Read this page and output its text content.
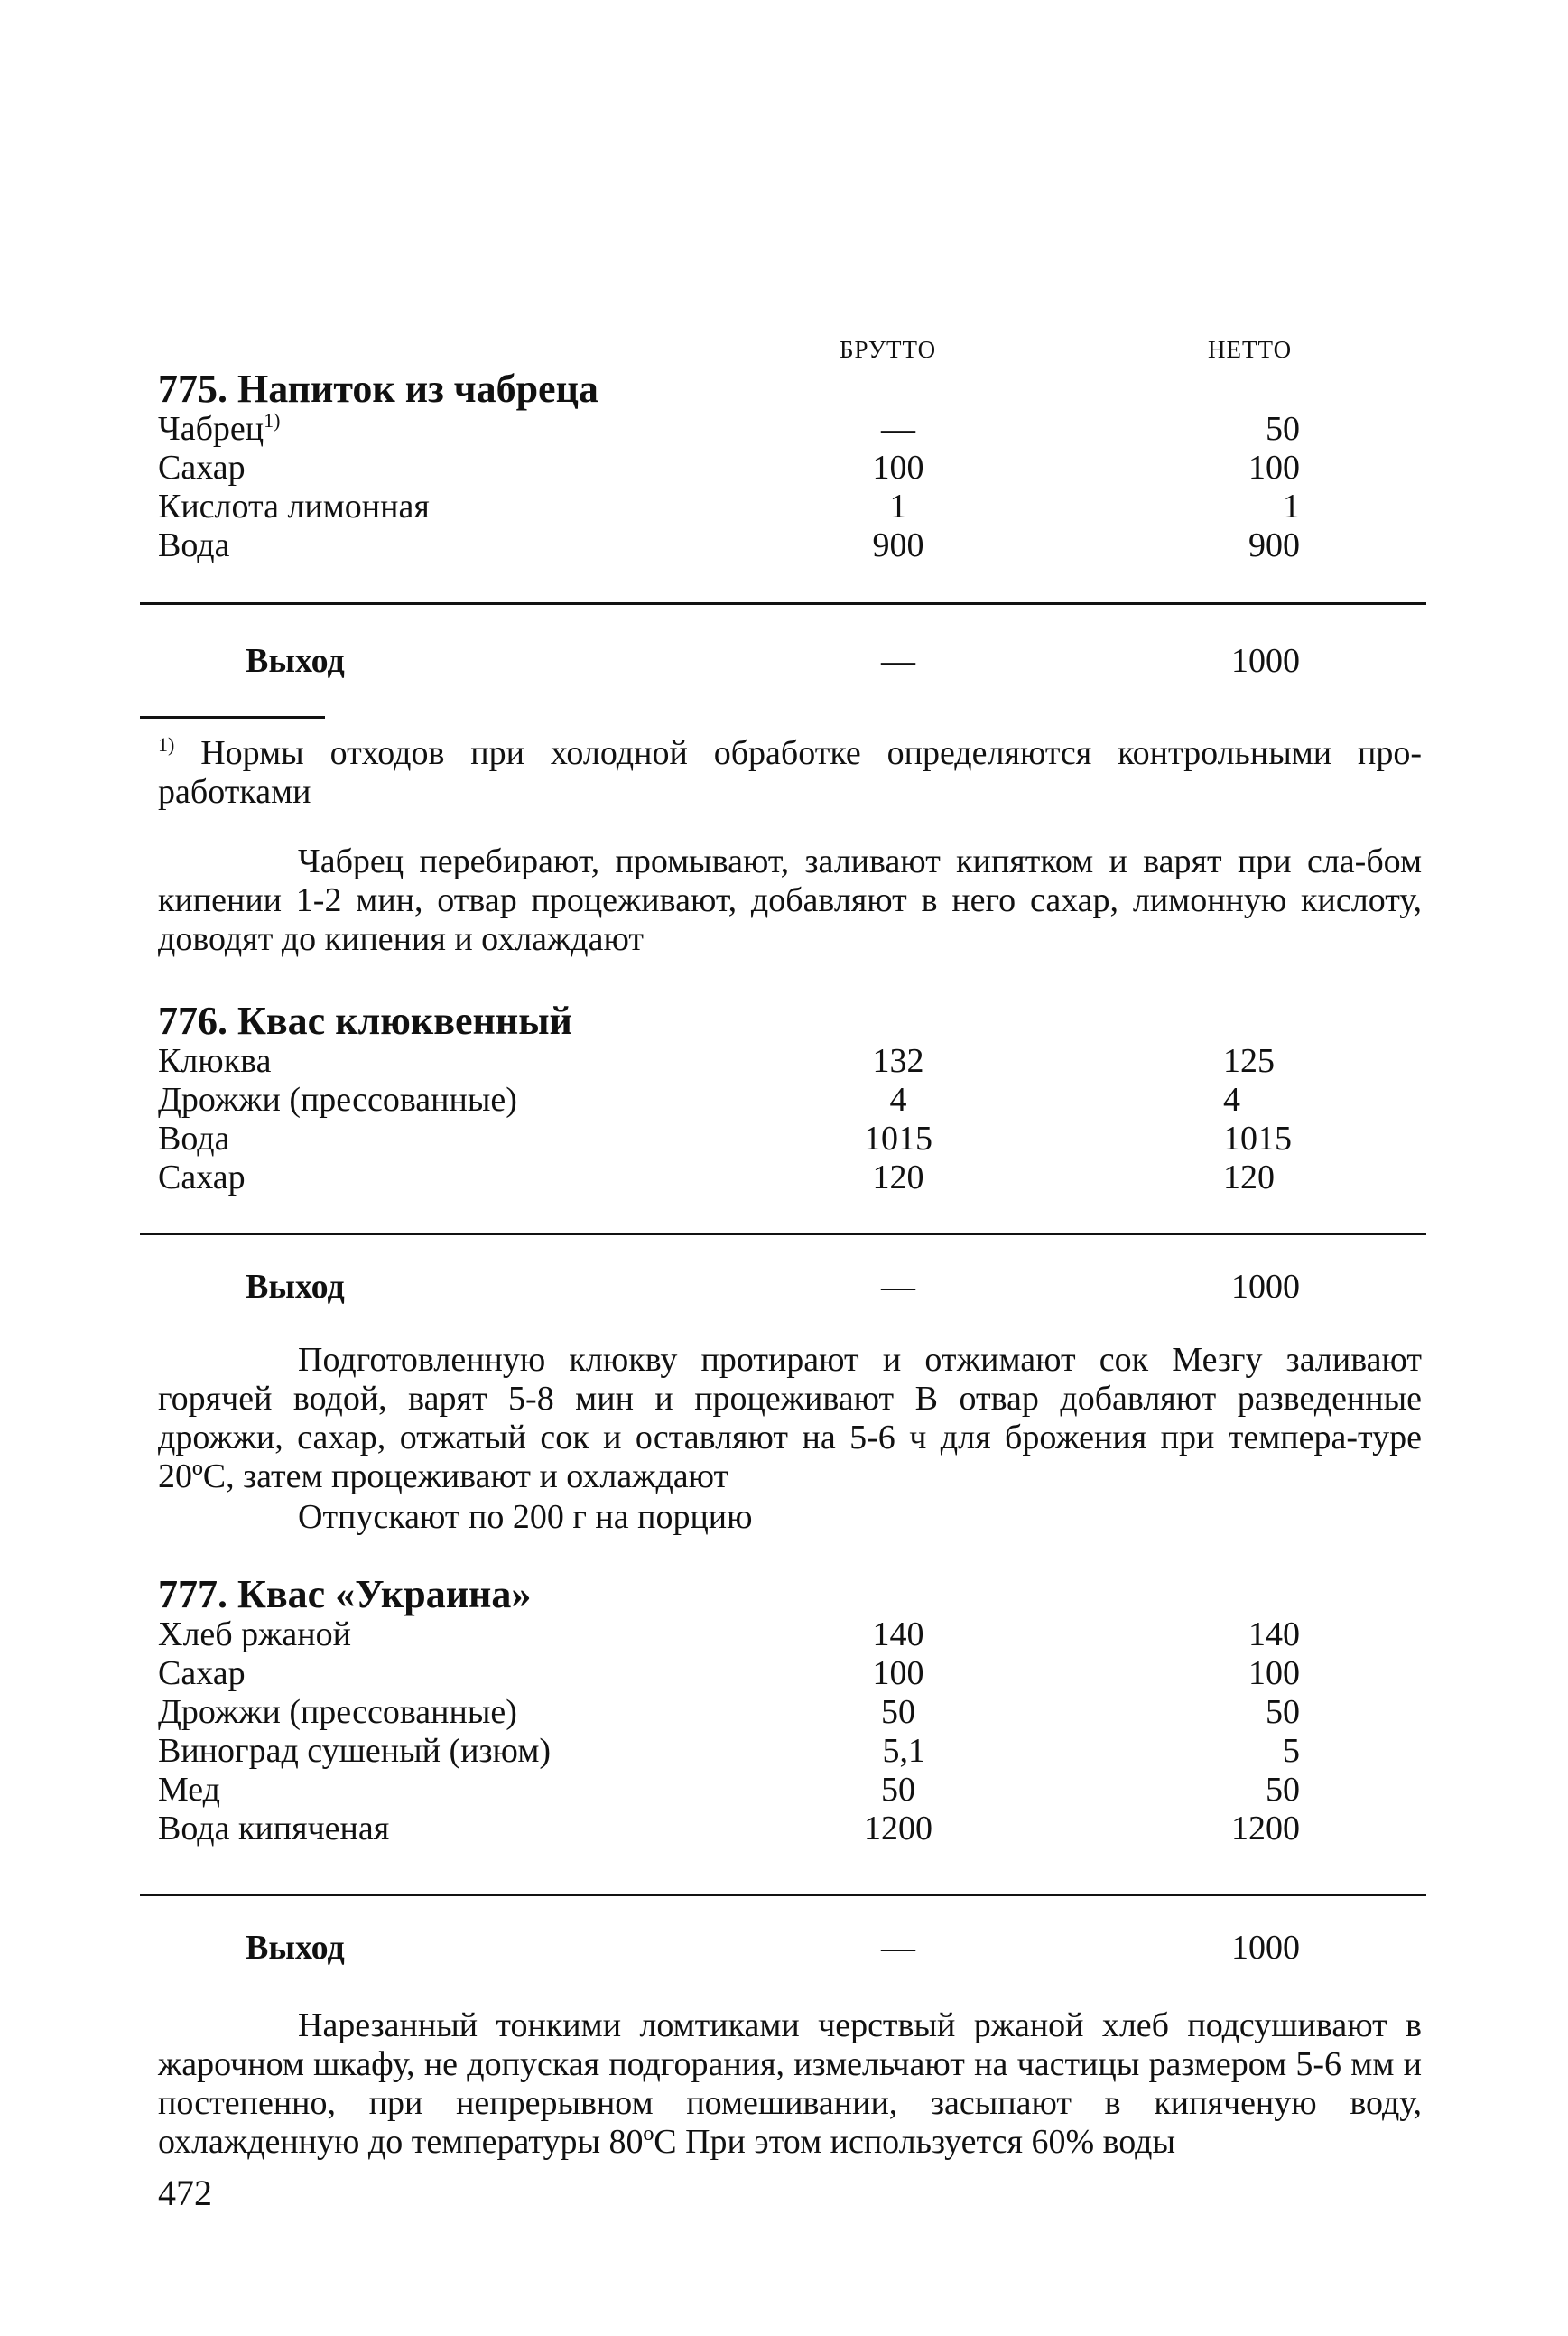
БРУТТО	НЕТТО
775. Напиток из чабреца
Чабрец$^{1)}$	—	50
Сахар	100	100
Кислота лимонная	1	1
Вода	900	900
Выход	—	1000
$^{1)}$ Нормы отходов при холодной обработке определяются контрольными про-работками
Чабрец перебирают, промывают, заливают кипятком и варят при сла-бом кипении 1-2 мин, отвар процеживают, добавляют в него сахар, лимонную кислоту, доводят до кипения и охлаждают
776. Квас клюквенный
Клюква	132	125
Дрожжи (прессованные)	4	4
Вода	1015	1015
Сахар	120	120
Выход	—	1000
Подготовленную клюкву протирают и отжимают сок Мезгу заливают горячей водой, варят 5-8 мин и процеживают В отвар добавляют разведенные дрожжи, сахар, отжатый сок и оставляют на 5-6 ч для брожения при темпера-туре 20ºС, затем процеживают и охлаждают
Отпускают по 200 г на порцию
777. Квас «Украина»
Хлеб ржаной	140	140
Сахар	100	100
Дрожжи (прессованные)	50	50
Виноград сушеный (изюм)	5,1	5
Мед	50	50
Вода кипяченая	1200	1200
Выход	—	1000
Нарезанный тонкими ломтиками черствый ржаной хлеб подсушивают в жарочном шкафу, не допуская подгорания, измельчают на частицы размером 5-6 мм и постепенно, при непрерывном помешивании, засыпают в кипяченую воду, охлажденную до температуры 80ºС При этом используется 60% воды
472
